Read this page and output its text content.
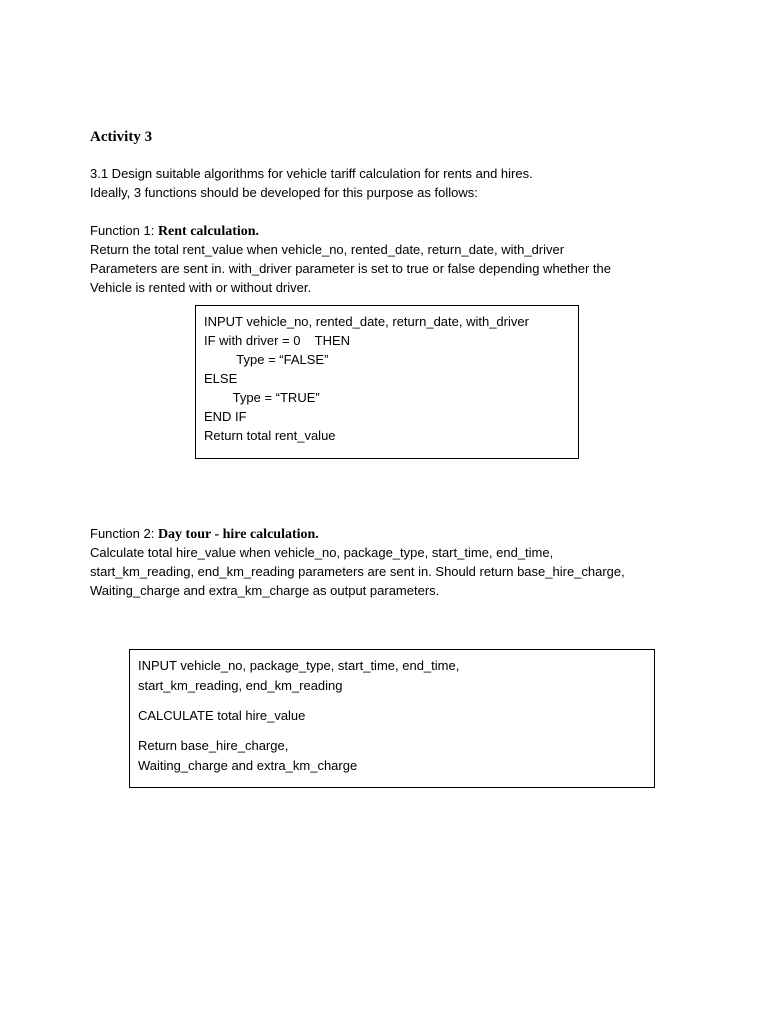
Activity 3
3.1 Design suitable algorithms for vehicle tariff calculation for rents and hires.
Ideally, 3 functions should be developed for this purpose as follows:
Function 1: Rent calculation.
Return the total rent_value when vehicle_no, rented_date, return_date, with_driver
Parameters are sent in. with_driver parameter is set to true or false depending whether the
Vehicle is rented with or without driver.
INPUT vehicle_no, rented_date, return_date, with_driver
IF with driver = 0    THEN
Type = “FALSE”
ELSE
Type = “TRUE”
END IF
Return total rent_value
Function 2: Day tour - hire calculation.
Calculate total hire_value when vehicle_no, package_type, start_time, end_time,
start_km_reading, end_km_reading parameters are sent in. Should return base_hire_charge,
Waiting_charge and extra_km_charge as output parameters.
INPUT vehicle_no, package_type, start_time, end_time,
start_km_reading, end_km_reading
CALCULATE total hire_value
Return base_hire_charge,
Waiting_charge and extra_km_charge
